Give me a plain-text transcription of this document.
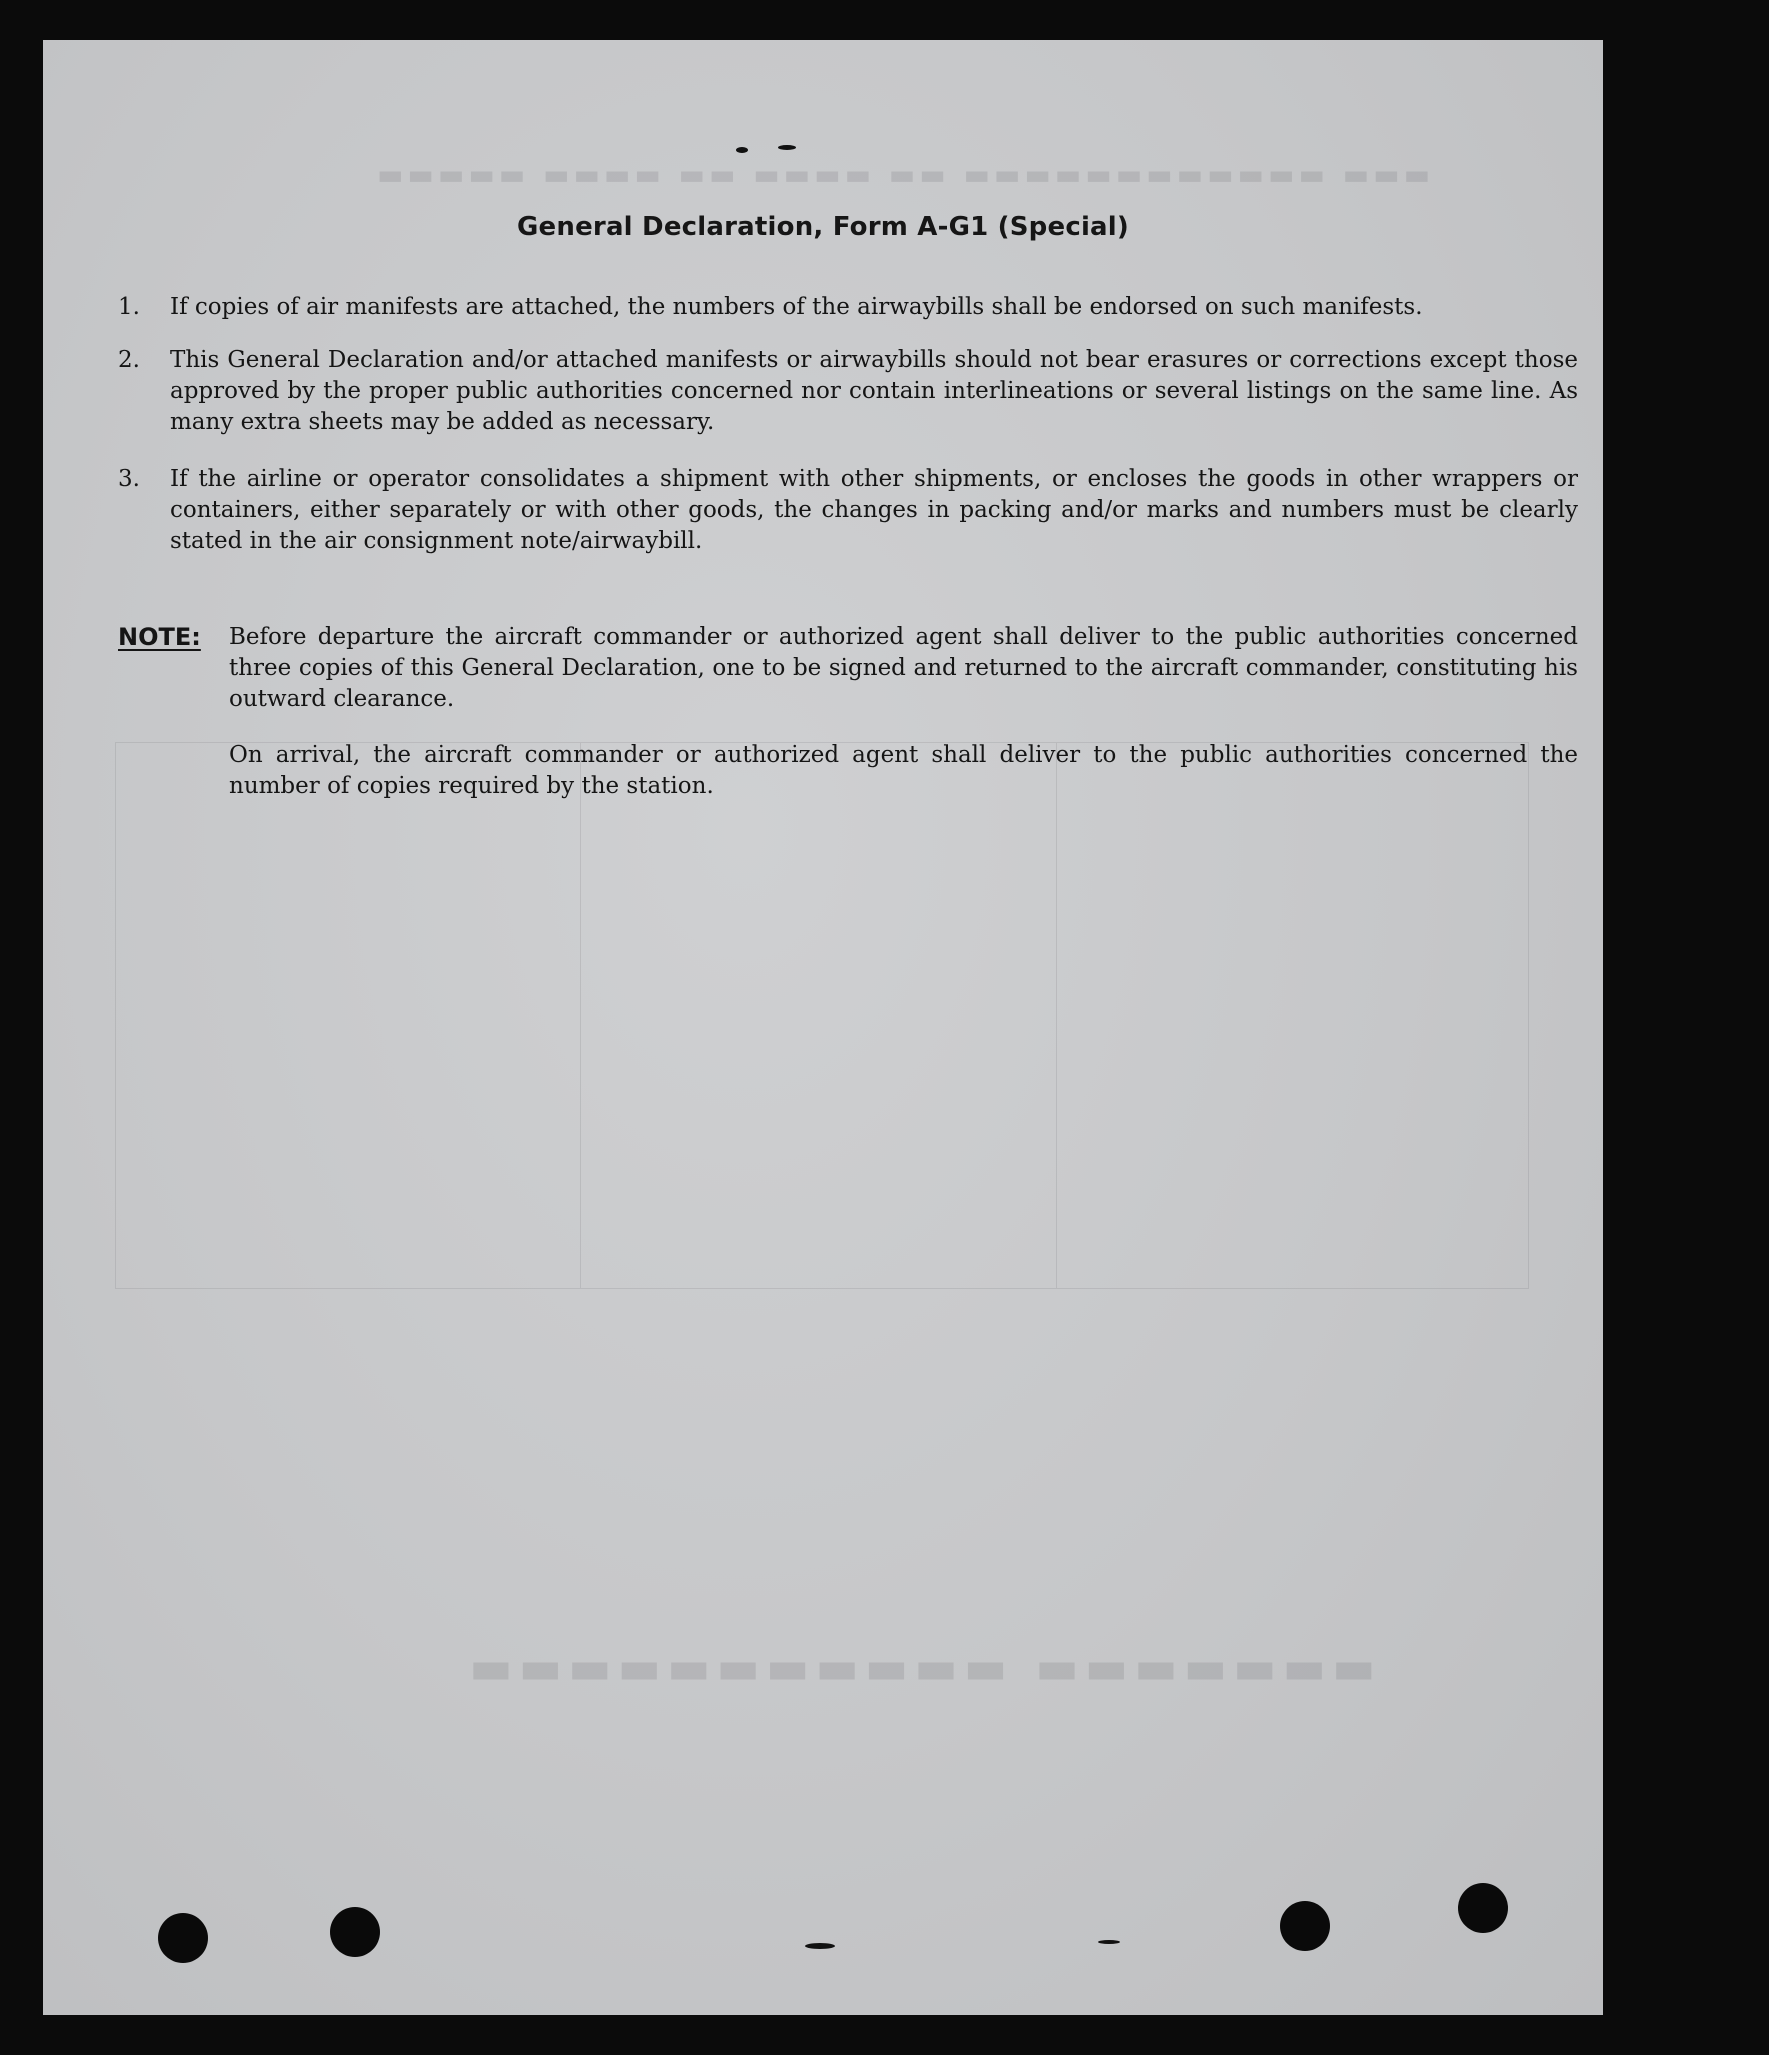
▬▬▬▬▬▬▬ ▬▬▬▬▬▬▬▬▬▬▬
▬▬▬ ▬▬▬▬▬▬▬▬▬▬▬▬ ▬▬ ▬▬▬▬ ▬▬ ▬▬▬▬ ▬▬▬▬▬
General Declaration, Form A-G1 (Special)
1.	If copies of air manifests are attached, the numbers of the airwaybills shall be endorsed on such manifests.
2.	This General Declaration and/or attached manifests or airwaybills should not bear erasures or corrections except those approved by the proper public authorities concerned nor contain interlineations or several listings on the same line. As many extra sheets may be added as necessary.
3.	If the airline or operator consolidates a shipment with other shipments, or encloses the goods in other wrappers or containers, either separately or with other goods, the changes in packing and/or marks and numbers must be clearly stated in the air consignment note/airwaybill.
NOTE: Before departure the aircraft commander or authorized agent shall deliver to the public authorities concerned three copies of this General Declaration, one to be signed and returned to the aircraft commander, constituting his outward clearance.
On arrival, the aircraft commander or authorized agent shall deliver to the public authorities concerned the number of copies required by the station.
